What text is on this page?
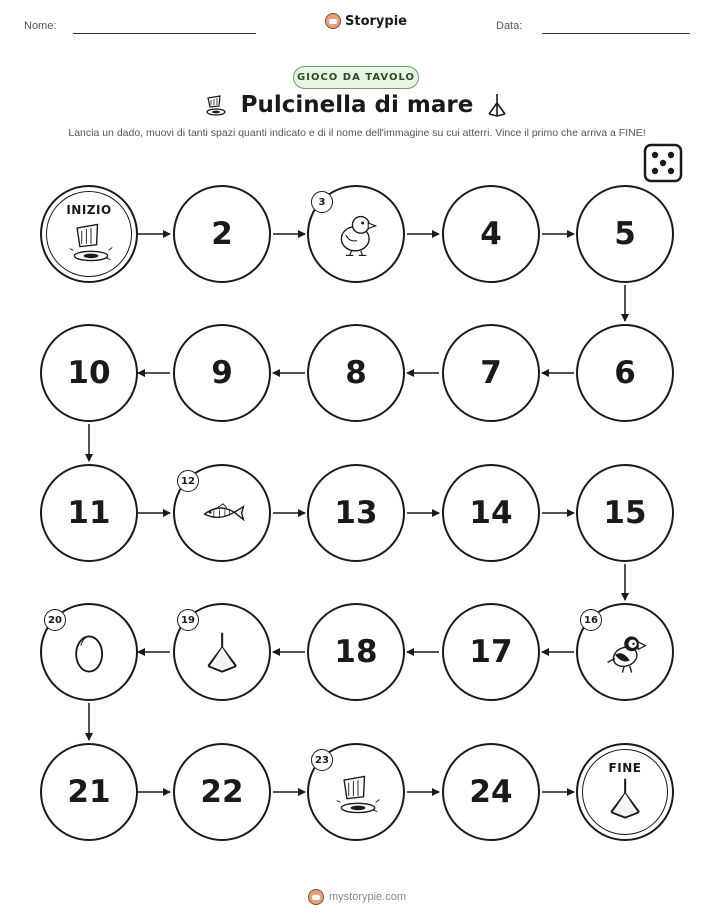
Nome:	Storypie	Data:
GIOCO DA TAVOLO
Pulcinella di mare
Lancia un dado, muovi di tanti spazi quanti indicato e di il nome dell'immagine su cui atterri. Vince il primo che arriva a FINE!
INIZIO
2
3
4	5
6
7
8
9
10
11
12
13	14	15
16
17
18
19
20
21	22
23
24
FINE
mystorypie.com
